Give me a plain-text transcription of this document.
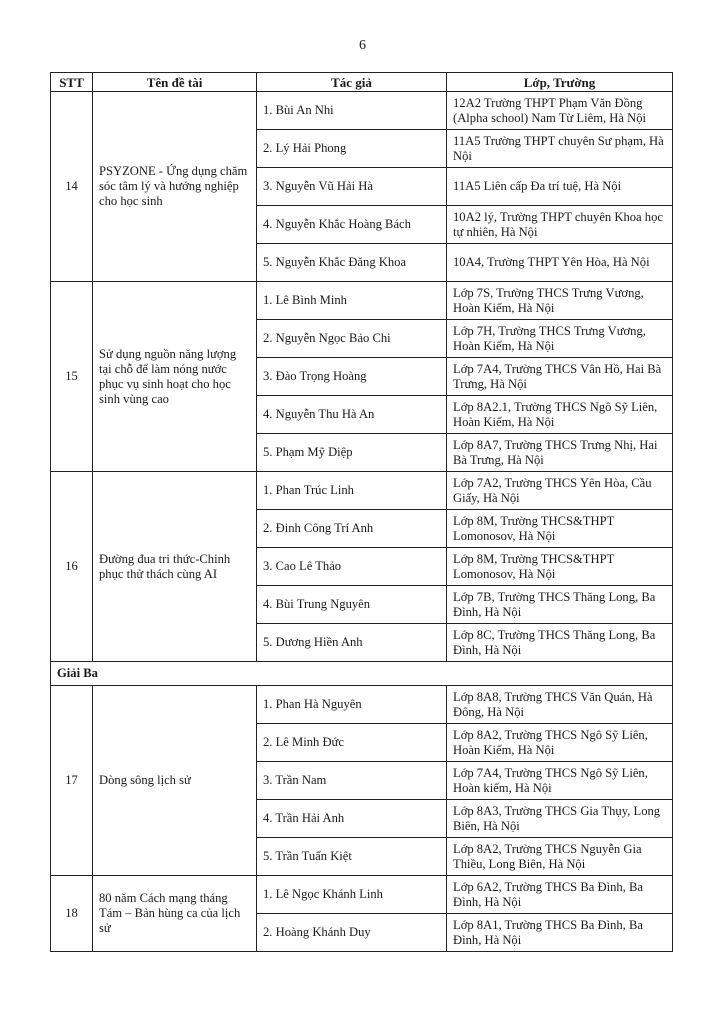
6
STT	Tên đề tài	Tác giả	Lớp, Trường
14	PSYZONE - Ứng dụng chăm sóc tâm lý và hướng nghiệp cho học sinh	1. Bùi An Nhi	12A2 Trường THPT Phạm Văn Đồng (Alpha school) Nam Từ Liêm, Hà Nội
		2. Lý Hải Phong	11A5 Trường THPT chuyên Sư phạm, Hà Nội
		3. Nguyễn Vũ Hải Hà	11A5 Liên cấp Đa trí tuệ, Hà Nội
		4. Nguyễn Khắc Hoàng Bách	10A2 lý, Trường THPT chuyên Khoa học tự nhiên, Hà Nội
		5. Nguyễn Khắc Đăng Khoa	10A4, Trường THPT Yên Hòa, Hà Nội
15	Sử dụng nguồn năng lượng tại chỗ để làm nóng nước phục vụ sinh hoạt cho học sinh vùng cao	1. Lê Bình Minh	Lớp 7S, Trường THCS Trưng Vương, Hoàn Kiếm, Hà Nội
		2. Nguyễn Ngọc Bảo Chi	Lớp 7H, Trường THCS Trưng Vương, Hoàn Kiếm, Hà Nội
		3. Đào Trọng Hoàng	Lớp 7A4, Trường THCS Vân Hồ, Hai Bà Trưng, Hà Nội
		4. Nguyễn Thu Hà An	Lớp 8A2.1, Trường THCS Ngô Sỹ Liên, Hoàn Kiếm, Hà Nội
		5. Phạm Mỹ Diệp	Lớp 8A7, Trường THCS Trưng Nhị, Hai Bà Trưng, Hà Nội
16	Đường đua tri thức-Chinh phục thử thách cùng AI	1. Phan Trúc Linh	Lớp 7A2, Trường THCS Yên Hòa, Cầu Giấy, Hà Nội
		2. Đinh Công Trí Anh	Lớp 8M, Trường THCS&THPT Lomonosov, Hà Nội
		3. Cao Lê Thảo	Lớp 8M, Trường THCS&THPT Lomonosov, Hà Nội
		4. Bùi Trung Nguyên	Lớp 7B, Trường THCS Thăng Long, Ba Đình, Hà Nội
		5. Dương Hiền Anh	Lớp 8C, Trường THCS Thăng Long, Ba Đình, Hà Nội
Giải Ba			
17	Dòng sông lịch sử	1. Phan Hà Nguyên	Lớp 8A8, Trường THCS Văn Quán, Hà Đông, Hà Nội
		2. Lê Minh Đức	Lớp 8A2, Trường THCS Ngô Sỹ Liên, Hoàn Kiếm, Hà Nội
		3. Trần Nam	Lớp 7A4, Trường THCS Ngô Sỹ Liên, Hoàn kiếm, Hà Nội
		4. Trần Hải Anh	Lớp 8A3, Trường THCS Gia Thụy, Long Biên, Hà Nội
		5. Trần Tuấn Kiệt	Lớp 8A2, Trường THCS Nguyễn Gia Thiều, Long Biên, Hà Nội
18	80 năm Cách mạng tháng Tám – Bản hùng ca của lịch sử	1. Lê Ngọc Khánh Linh	Lớp 6A2, Trường THCS Ba Đình, Ba Đình, Hà Nội
		2. Hoàng Khánh Duy	Lớp 8A1, Trường THCS Ba Đình, Ba Đình, Hà Nội
